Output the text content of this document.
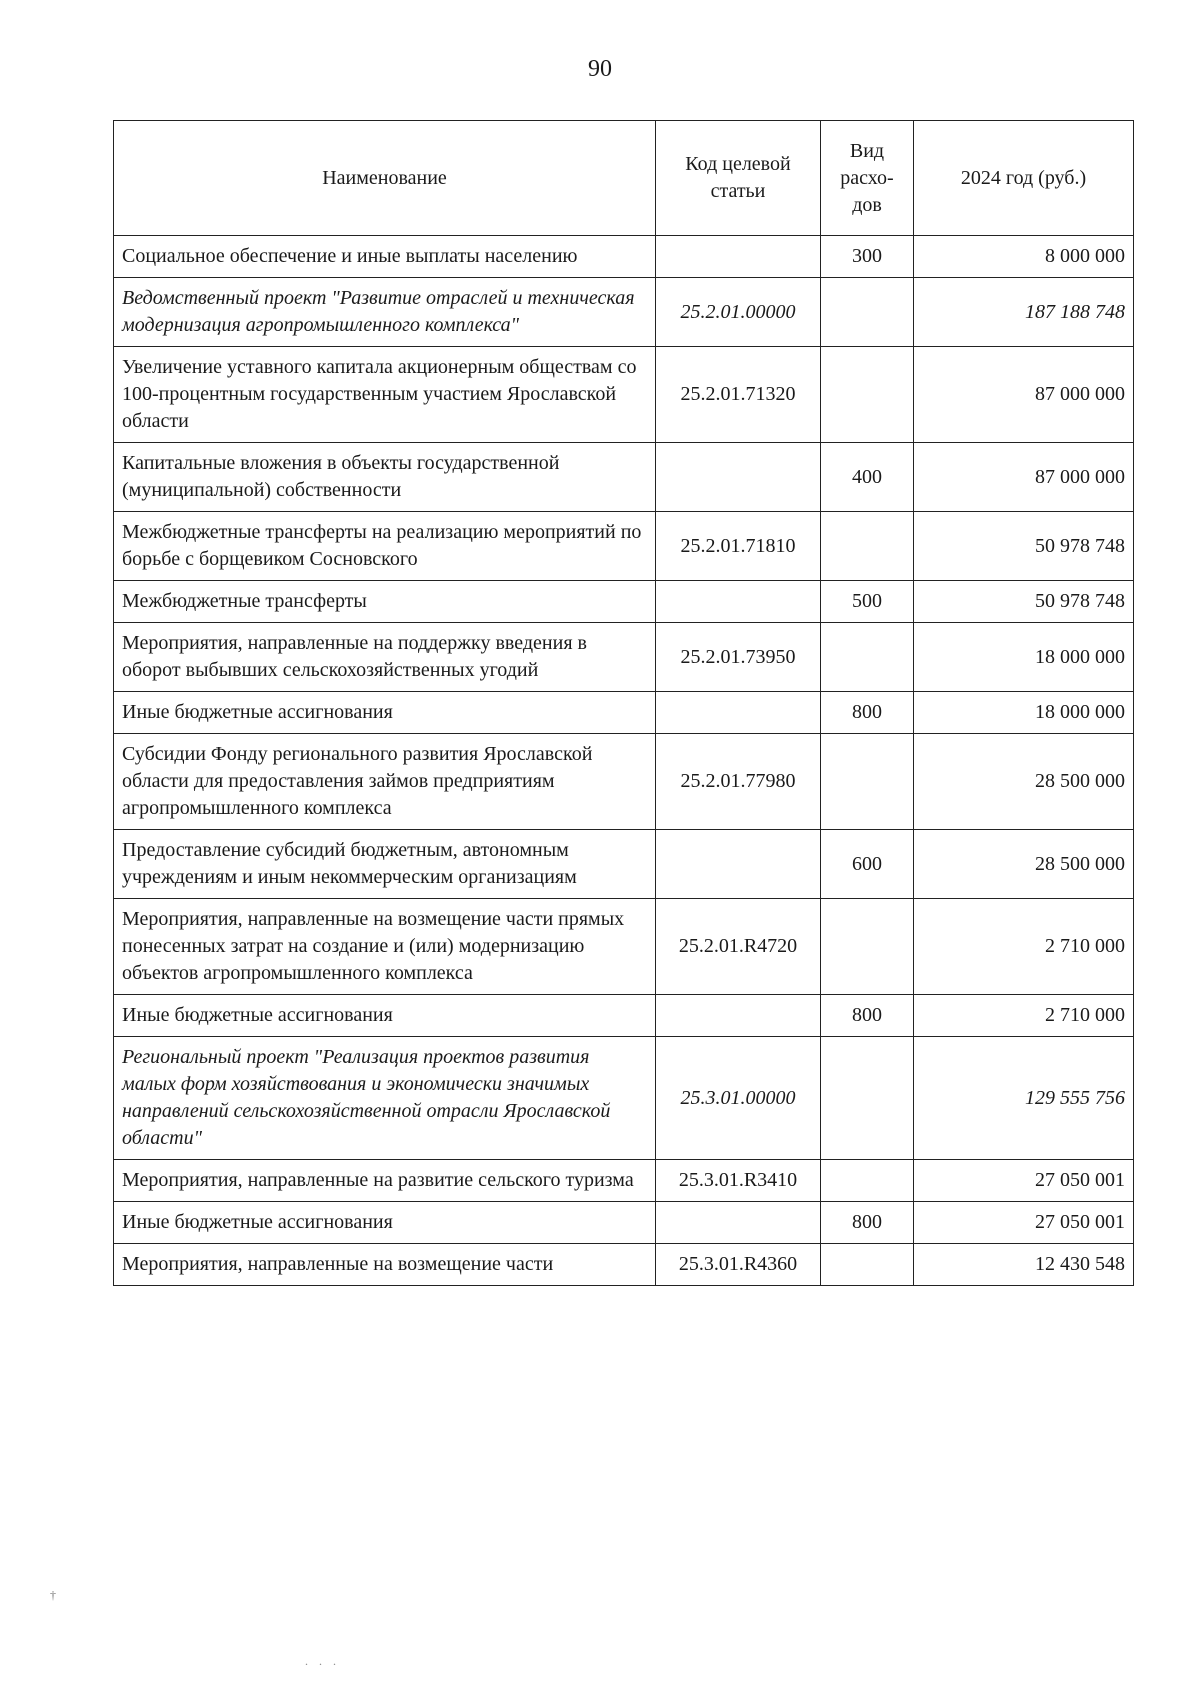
90
Наименование	Код целевой статьи	Вид расхо-дов	2024 год (руб.)
Социальное обеспечение и иные выплаты населению		300	8 000 000
Ведомственный проект "Развитие отраслей и техническая модернизация агропромышленного комплекса"	25.2.01.00000		187 188 748
Увеличение уставного капитала акционерным обществам со 100-процентным государственным участием Ярославской области	25.2.01.71320		87 000 000
Капитальные вложения в объекты государственной (муниципальной) собственности		400	87 000 000
Межбюджетные трансферты на реализацию мероприятий по борьбе с борщевиком Сосновского	25.2.01.71810		50 978 748
Межбюджетные трансферты		500	50 978 748
Мероприятия, направленные на поддержку введения в оборот выбывших сельскохозяйственных угодий	25.2.01.73950		18 000 000
Иные бюджетные ассигнования		800	18 000 000
Субсидии Фонду регионального развития Ярославской области для предоставления займов предприятиям агропромышленного комплекса	25.2.01.77980		28 500 000
Предоставление субсидий бюджетным, автономным учреждениям и иным некоммерческим организациям		600	28 500 000
Мероприятия, направленные на возмещение части прямых понесенных затрат на создание и (или) модернизацию объектов агропромышленного комплекса	25.2.01.R4720		2 710 000
Иные бюджетные ассигнования		800	2 710 000
Региональный проект "Реализация проектов развития малых форм хозяйствования и экономически значимых направлений сельскохозяйственной отрасли Ярославской области"	25.3.01.00000		129 555 756
Мероприятия, направленные на развитие сельского туризма	25.3.01.R3410		27 050 001
Иные бюджетные ассигнования		800	27 050 001
Мероприятия, направленные на возмещение части	25.3.01.R4360		12 430 548
†
. . .
